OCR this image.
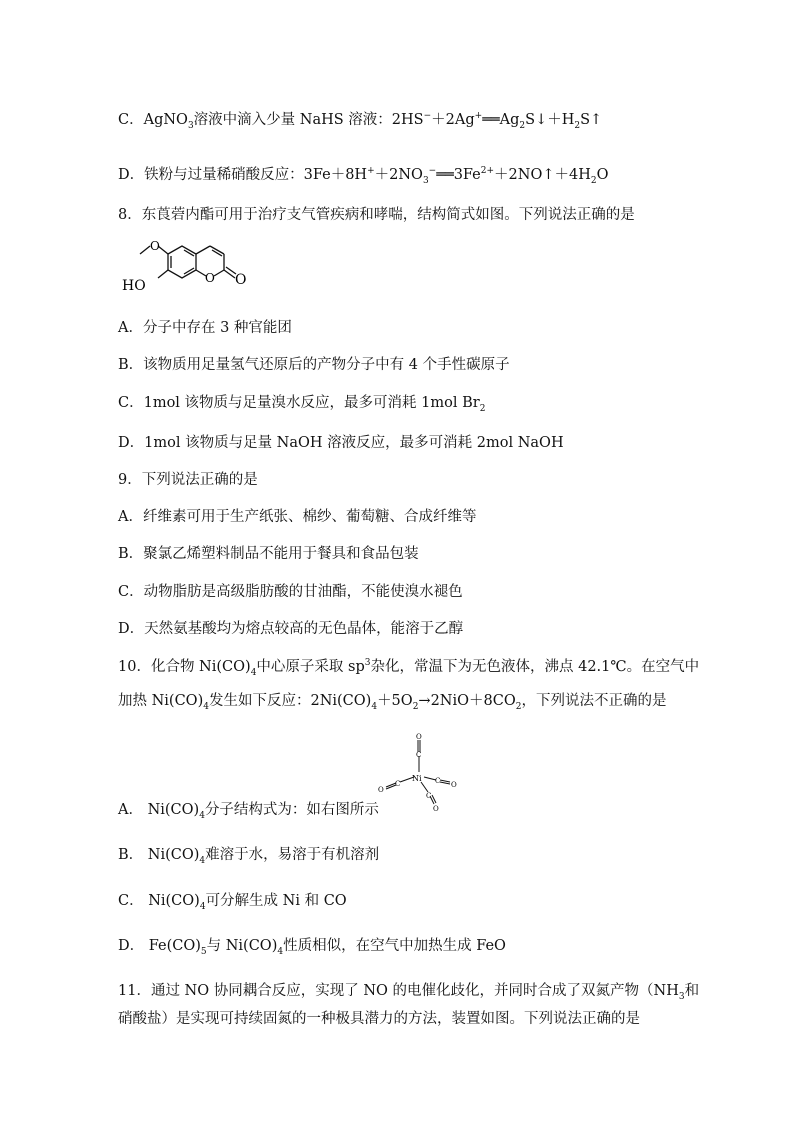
C．AgNO$_3$溶液中滴入少量 NaHS 溶液：$2HS^-+2Ag^+══Ag_2S↓+H_2S↑$
D．铁粉与过量稀硝酸反应：$3Fe+8H^++2NO_3^-══3Fe^{2+}+2NO↑+4H_2O$
8．东莨菪内酯可用于治疗支气管疾病和哮喘，结构简式如图。下列说法正确的是
O
HO	O O
A．分子中存在 3 种官能团
B．该物质用足量氢气还原后的产物分子中有 4 个手性碳原子
C．1mol 该物质与足量溴水反应，最多可消耗 1mol $Br_2$
D．1mol 该物质与足量 NaOH 溶液反应，最多可消耗 2mol NaOH
9．下列说法正确的是
A．纤维素可用于生产纸张、棉纱、葡萄糖、合成纤维等
B．聚氯乙烯塑料制品不能用于餐具和食品包装
C．动物脂肪是高级脂肪酸的甘油酯，不能使溴水褪色
D．天然氨基酸均为熔点较高的无色晶体，能溶于乙醇
10．化合物 $Ni(CO)_4$中心原子采取 $sp^3$杂化，常温下为无色液体，沸点 42.1℃。在空气中
加热 $Ni(CO)_4$发生如下反应：$2Ni(CO)_4+5O_2\to 2NiO+8CO_2$，下列说法不正确的是
Ni
O
C
O
C	C O
C
O
A． $Ni(CO)_4$分子结构式为：如右图所示
B． $Ni(CO)_4$难溶于水，易溶于有机溶剂
C． $Ni(CO)_4$可分解生成 Ni 和 CO
D． $Fe(CO)_5$与 $Ni(CO)_4$性质相似，在空气中加热生成 FeO
11．通过 NO 协同耦合反应，实现了 NO 的电催化歧化，并同时合成了双氮产物（$NH_3$和
硝酸盐）是实现可持续固氮的一种极具潜力的方法，装置如图。下列说法正确的是
